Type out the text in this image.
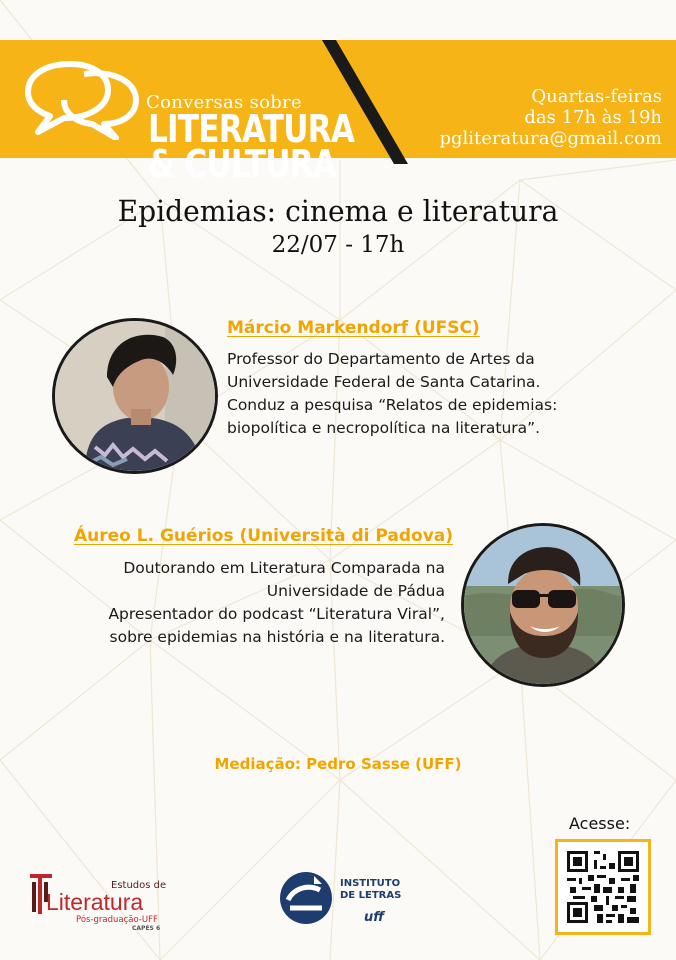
Conversas sobre
LITERATURA
& CULTURA
Quartas-feiras
das 17h às 19h
pgliteratura@gmail.com
Epidemias: cinema e literatura
22/07 - 17h
Márcio Markendorf (UFSC)
Professor do Departamento de Artes da
Universidade Federal de Santa Catarina.
Conduz a pesquisa “Relatos de epidemias:
biopolítica e necropolítica na literatura”.
Áureo L. Guérios (Università di Padova)
Doutorando em Literatura Comparada na
Universidade de Pádua
Apresentador do podcast “Literatura Viral”,
sobre epidemias na história e na literatura.
Mediação: Pedro Sasse (UFF)
Acesse:
Estudos de
Literatura
Pós-graduação-UFF
CAPES 6
INSTITUTO
DE LETRAS
uff
